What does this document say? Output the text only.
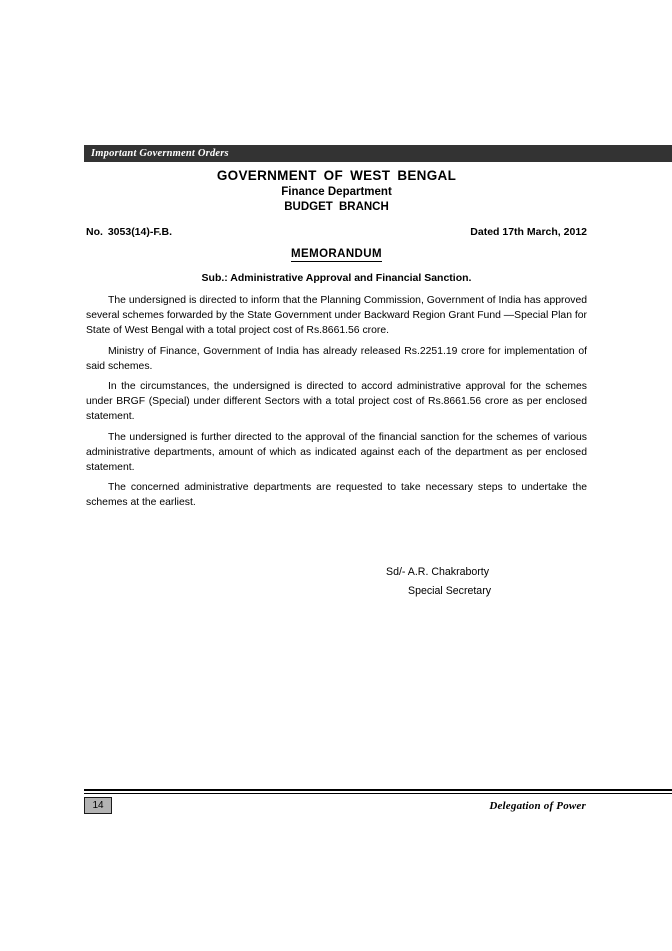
Important Government Orders
GOVERNMENT OF WEST BENGAL
Finance Department
BUDGET BRANCH
No. 3053(14)-F.B.	Dated 17th March, 2012
MEMORANDUM
Sub.: Administrative Approval and Financial Sanction.

The undersigned is directed to inform that the Planning Commission, Government of India has approved several schemes forwarded by the State Government under Backward Region Grant Fund —Special Plan for State of West Bengal with a total project cost of Rs.8661.56 crore.

Ministry of Finance, Government of India has already released Rs.2251.19 crore for implementation of said schemes.

In the circumstances, the undersigned is directed to accord administrative approval for the schemes under BRGF (Special) under different Sectors with a total project cost of Rs.8661.56 crore as per enclosed statement.

The undersigned is further directed to the approval of the financial sanction for the schemes of various administrative departments, amount of which as indicated against each of the department as per enclosed statement.

The concerned administrative departments are requested to take necessary steps to undertake the schemes at the earliest.

Sd/- A.R. Chakraborty
Special Secretary
14	Delegation of Power
